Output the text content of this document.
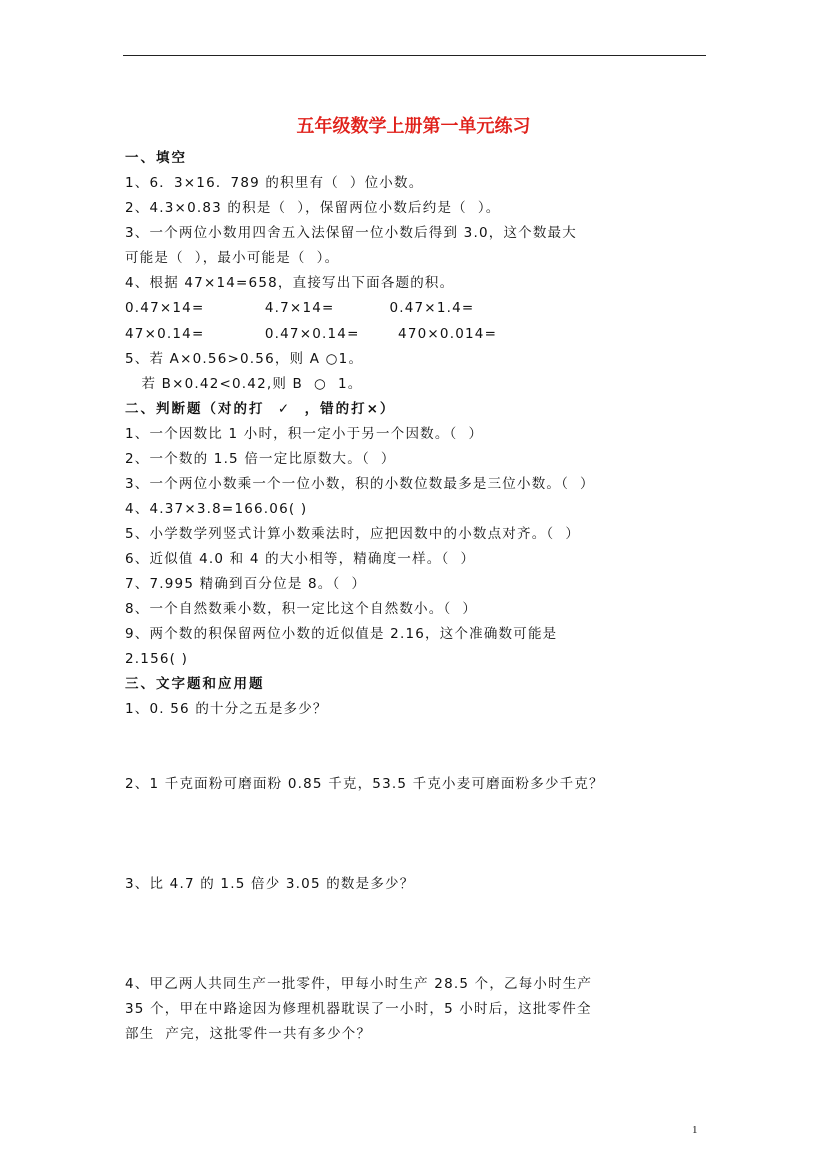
五年级数学上册第一单元练习
一、填空
1、6．3×16．789 的积里有（  ）位小数。
2、4.3×0.83 的积是（  ），保留两位小数后约是（  ）。
3、一个两位小数用四舍五入法保留一位小数后得到 3.0，这个数最大
可能是（  ），最小可能是（  ）。
4、根据 47×14=658，直接写出下面各题的积。
0.47×14=           4.7×14=          0.47×1.4=
47×0.14=           0.47×0.14=       470×0.014=
5、若 A×0.56>0.56，则 A ○1。
若 B×0.42<0.42,则 B  ○  1。
二、判断题（对的打  ✓  ，错的打×）
1、一个因数比 1 小时，积一定小于另一个因数。（  ）
2、一个数的 1.5 倍一定比原数大。（  ）
3、一个两位小数乘一个一位小数，积的小数位数最多是三位小数。（  ）
4、4.37×3.8=166.06( )
5、小学数学列竖式计算小数乘法时，应把因数中的小数点对齐。（  ）
6、近似值 4.0 和 4 的大小相等，精确度一样。（  ）
7、7.995 精确到百分位是 8。（  ）
8、一个自然数乘小数，积一定比这个自然数小。（  ）
9、两个数的积保留两位小数的近似值是 2.16，这个准确数可能是
2.156( )
三、文字题和应用题
1、0. 56 的十分之五是多少？
2、1 千克面粉可磨面粉 0.85 千克，53.5 千克小麦可磨面粉多少千克？
3、比 4.7 的 1.5 倍少 3.05 的数是多少？
4、甲乙两人共同生产一批零件，甲每小时生产 28.5 个，乙每小时生产
35 个，甲在中路途因为修理机器耽误了一小时，5 小时后，这批零件全
部生  产完，这批零件一共有多少个？
1
